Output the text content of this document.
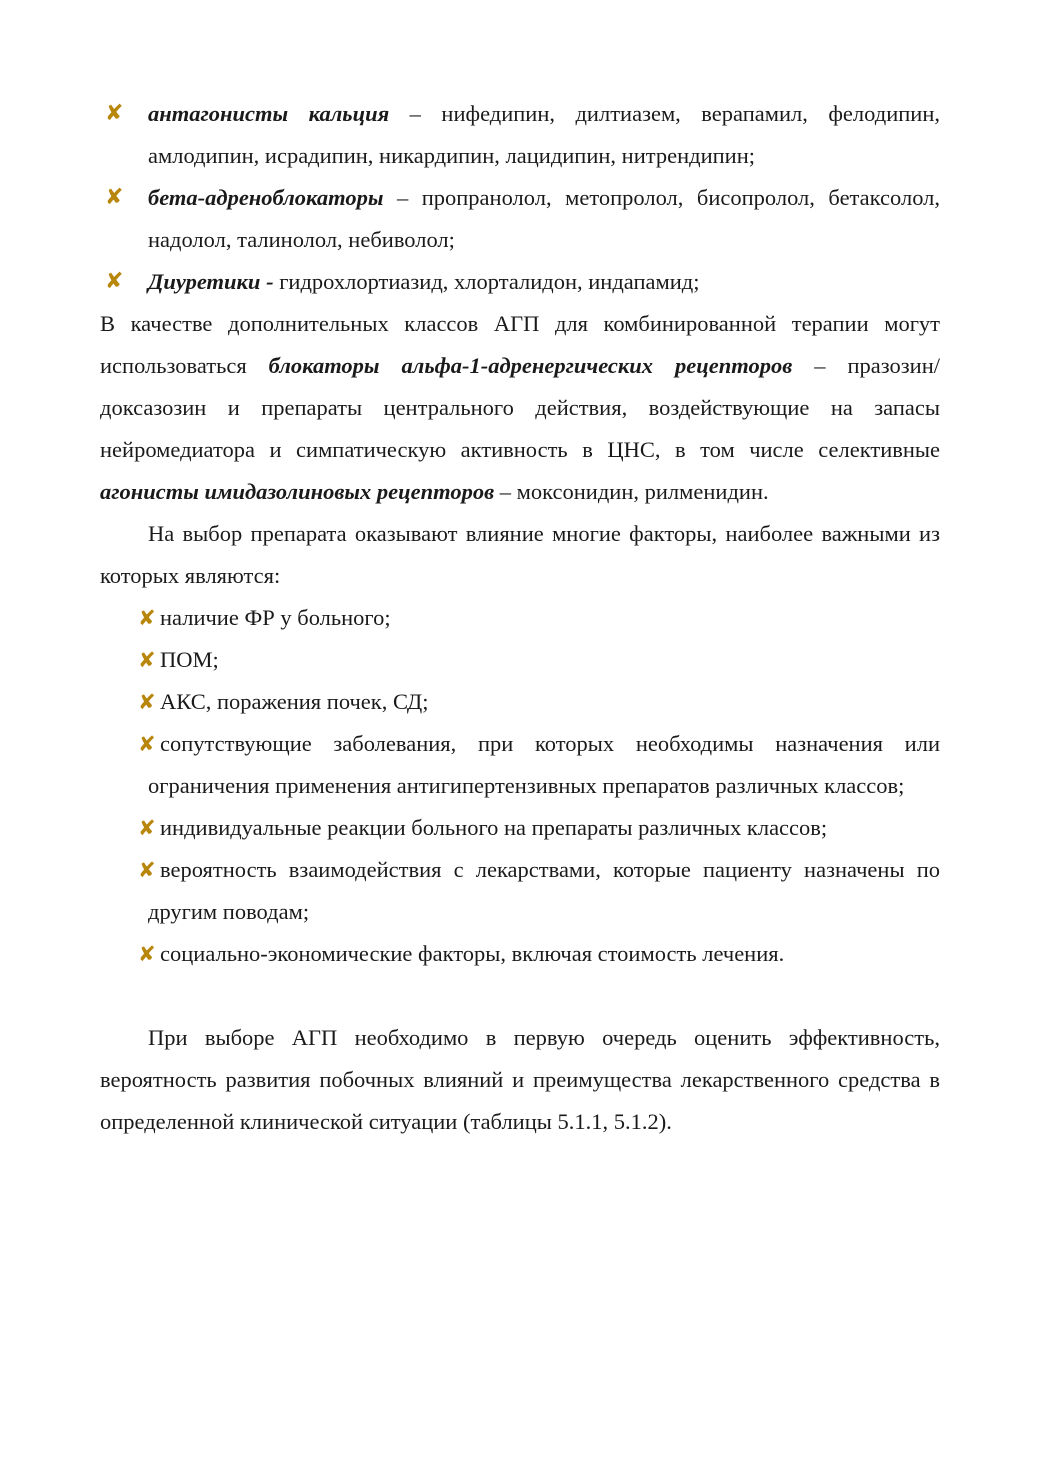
✘ антагонисты кальция – нифедипин, дилтиазем, верапамил, фелодипин, амлодипин, исрадипин, никардипин, лацидипин, нитрендипин;
✘ бета-адреноблокаторы – пропранолол, метопролол, бисопролол, бетаксолол, надолол, талинолол, небиволол;
✘ Диуретики - гидрохлортиазид, хлорталидон, индапамид;
В качестве дополнительных классов АГП для комбинированной терапии могут использоваться блокаторы альфа-1-адренергических рецепторов – празозин/доксазозин и препараты центрального действия, воздействующие на запасы нейромедиатора и симпатическую активность в ЦНС, в том числе селективные агонисты имидазолиновых рецепторов – моксонидин, рилменидин.
На выбор препарата оказывают влияние многие факторы, наиболее важными из которых являются:
✘ наличие ФР у больного;
✘ ПОМ;
✘ АКС, поражения почек, СД;
✘ сопутствующие заболевания, при которых необходимы назначения или ограничения применения антигипертензивных препаратов различных классов;
✘ индивидуальные реакции больного на препараты различных классов;
✘ вероятность взаимодействия с лекарствами, которые пациенту назначены по другим поводам;
✘ социально-экономические факторы, включая стоимость лечения.
При выборе АГП необходимо в первую очередь оценить эффективность, вероятность развития побочных влияний и преимущества лекарственного средства в определенной клинической ситуации (таблицы 5.1.1, 5.1.2).
